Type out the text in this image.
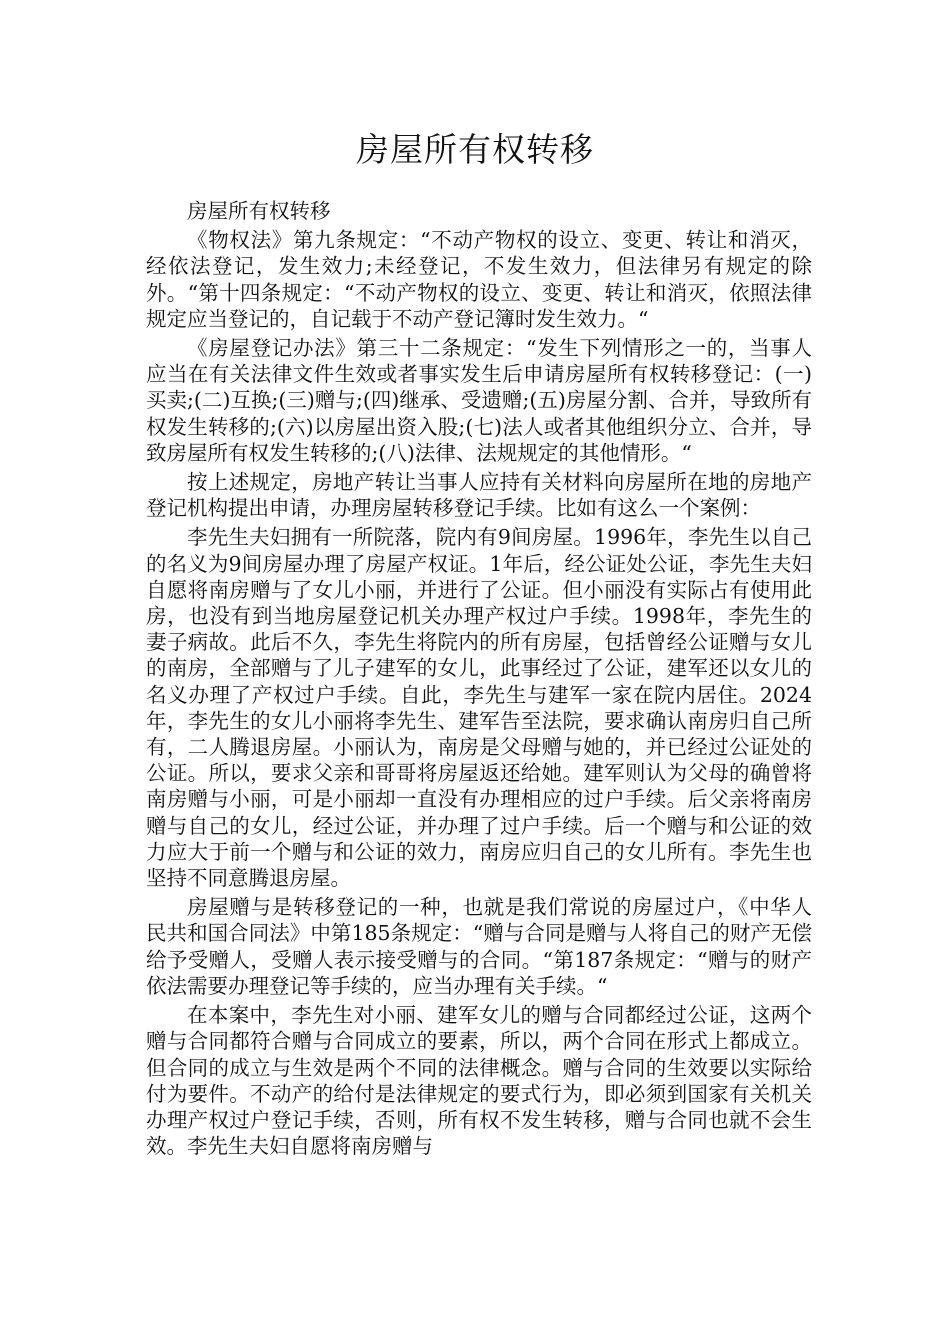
房屋所有权转移

房屋所有权转移

《物权法》第九条规定：“不动产物权的设立、变更、转让和消灭，经依法登记，发生效力;未经登记，不发生效力，但法律另有规定的除外。“第十四条规定：“不动产物权的设立、变更、转让和消灭，依照法律规定应当登记的，自记载于不动产登记簿时发生效力。“

《房屋登记办法》第三十二条规定：“发生下列情形之一的，当事人应当在有关法律文件生效或者事实发生后申请房屋所有权转移登记：(一)买卖;(二)互换;(三)赠与;(四)继承、受遗赠;(五)房屋分割、合并，导致所有权发生转移的;(六)以房屋出资入股;(七)法人或者其他组织分立、合并，导致房屋所有权发生转移的;(八)法律、法规规定的其他情形。“

按上述规定，房地产转让当事人应持有关材料向房屋所在地的房地产登记机构提出申请，办理房屋转移登记手续。比如有这么一个案例：

李先生夫妇拥有一所院落，院内有9间房屋。1996年，李先生以自己的名义为9间房屋办理了房屋产权证。1年后，经公证处公证，李先生夫妇自愿将南房赠与了女儿小丽，并进行了公证。但小丽没有实际占有使用此房，也没有到当地房屋登记机关办理产权过户手续。1998年，李先生的妻子病故。此后不久，李先生将院内的所有房屋，包括曾经公证赠与女儿的南房，全部赠与了儿子建军的女儿，此事经过了公证，建军还以女儿的名义办理了产权过户手续。自此，李先生与建军一家在院内居住。2024年，李先生的女儿小丽将李先生、建军告至法院，要求确认南房归自己所有，二人腾退房屋。小丽认为，南房是父母赠与她的，并已经过公证处的公证。所以，要求父亲和哥哥将房屋返还给她。建军则认为父母的确曾将南房赠与小丽，可是小丽却一直没有办理相应的过户手续。后父亲将南房赠与自己的女儿，经过公证，并办理了过户手续。后一个赠与和公证的效力应大于前一个赠与和公证的效力，南房应归自己的女儿所有。李先生也坚持不同意腾退房屋。

房屋赠与是转移登记的一种，也就是我们常说的房屋过户，《中华人民共和国合同法》中第185条规定：“赠与合同是赠与人将自己的财产无偿给予受赠人，受赠人表示接受赠与的合同。“第187条规定：“赠与的财产依法需要办理登记等手续的，应当办理有关手续。“

在本案中，李先生对小丽、建军女儿的赠与合同都经过公证，这两个赠与合同都符合赠与合同成立的要素，所以，两个合同在形式上都成立。但合同的成立与生效是两个不同的法律概念。赠与合同的生效要以实际给付为要件。不动产的给付是法律规定的要式行为，即必须到国家有关机关办理产权过户登记手续，否则，所有权不发生转移，赠与合同也就不会生效。李先生夫妇自愿将南房赠与
